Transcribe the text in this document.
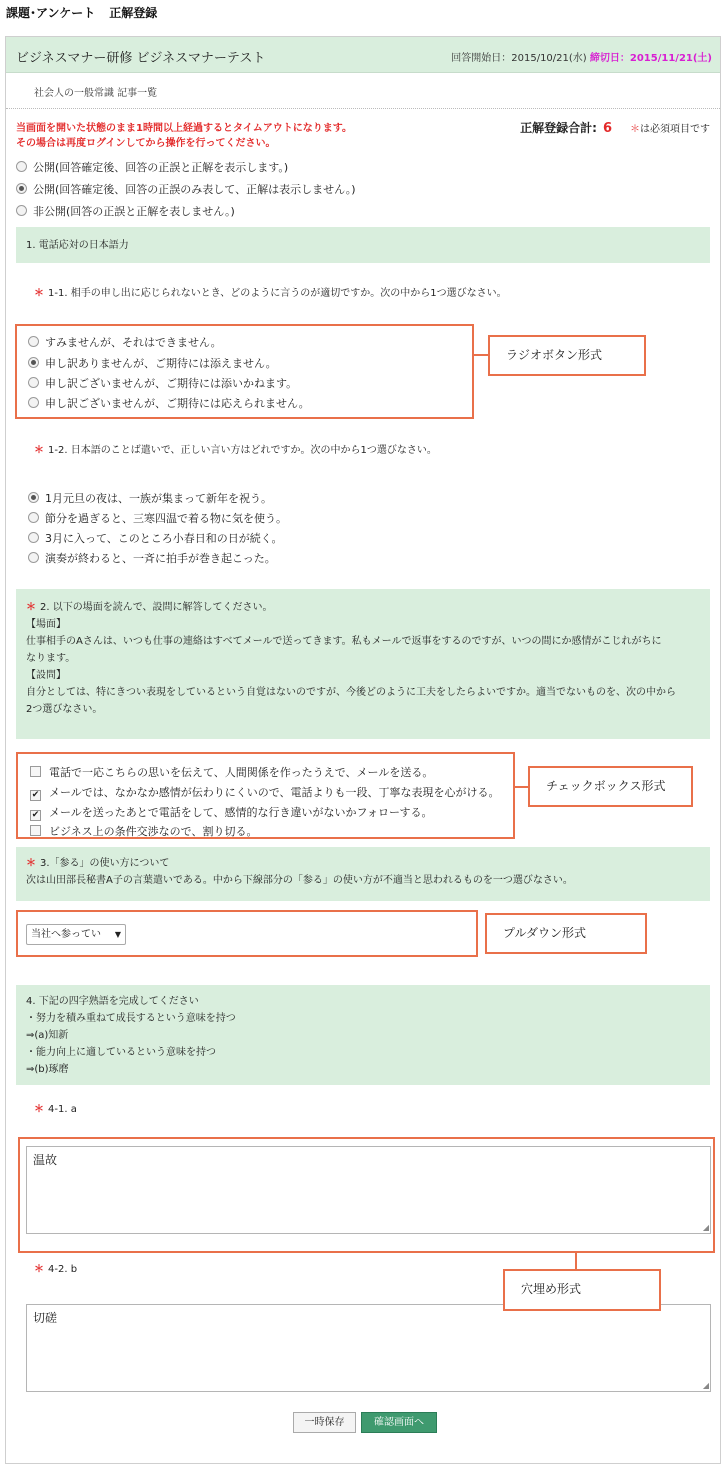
課題･アンケート 正解登録
ビジネスマナー研修 ビジネスマナーテスト	回答開始日：2015/10/21(水) 締切日：2015/11/21(土)
社会人の一般常識 記事一覧
当画面を開いた状態のまま1時間以上経過するとタイムアウトになります。
その場合は再度ログインしてから操作を行ってください。
正解登録合計: 6 ＊は必須項目です
公開(回答確定後、回答の正誤と正解を表示します。)
公開(回答確定後、回答の正誤のみ表して、正解は表示しません。)
非公開(回答の正誤と正解を表しません。)
1. 電話応対の日本語力
＊ 1-1. 相手の申し出に応じられないとき、どのように言うのが適切ですか。次の中から1つ選びなさい。
すみませんが、それはできません。
申し訳ありませんが、ご期待には添えません。
申し訳ございませんが、ご期待には添いかねます。
申し訳ございませんが、ご期待には応えられません。
＊ 1-2. 日本語のことば遣いで、正しい言い方はどれですか。次の中から1つ選びなさい。
1月元旦の夜は、一族が集まって新年を祝う。
節分を過ぎると、三寒四温で着る物に気を使う。
3月に入って、このところ小春日和の日が続く。
演奏が終わると、一斉に拍手が巻き起こった。
＊ 2. 以下の場面を読んで、設問に解答してください。
【場面】
仕事相手のAさんは、いつも仕事の連絡はすべてメールで送ってきます。私もメールで返事をするのですが、いつの間にか感情がこじれがちに
なります。
【設問】
自分としては、特にきつい表現をしているという自覚はないのですが、今後どのように工夫をしたらよいですか。適当でないものを、次の中から
2つ選びなさい。
電話で一応こちらの思いを伝えて、人間関係を作ったうえで、メールを送る。
✔ メールでは、なかなか感情が伝わりにくいので、電話よりも一段、丁寧な表現を心がける。
✔ メールを送ったあとで電話をして、感情的な行き違いがないかフォローする。
ビジネス上の条件交渉なので、割り切る。
＊ 3.「参る」の使い方について
次は山田部長秘書A子の言葉遣いである。中から下線部分の「参る」の使い方が不適当と思われるものを一つ選びなさい。
当社へ参ってい ▼
4. 下記の四字熟語を完成してください
・努力を積み重ねて成長するという意味を持つ
⇒(a)知新
・能力向上に適しているという意味を持つ
⇒(b)琢磨
＊ 4-1. a
温故
◢
＊ 4-2. b
切磋
◢
一時保存	確認画面へ
ラジオボタン形式
チェックボックス形式
プルダウン形式
穴埋め形式
